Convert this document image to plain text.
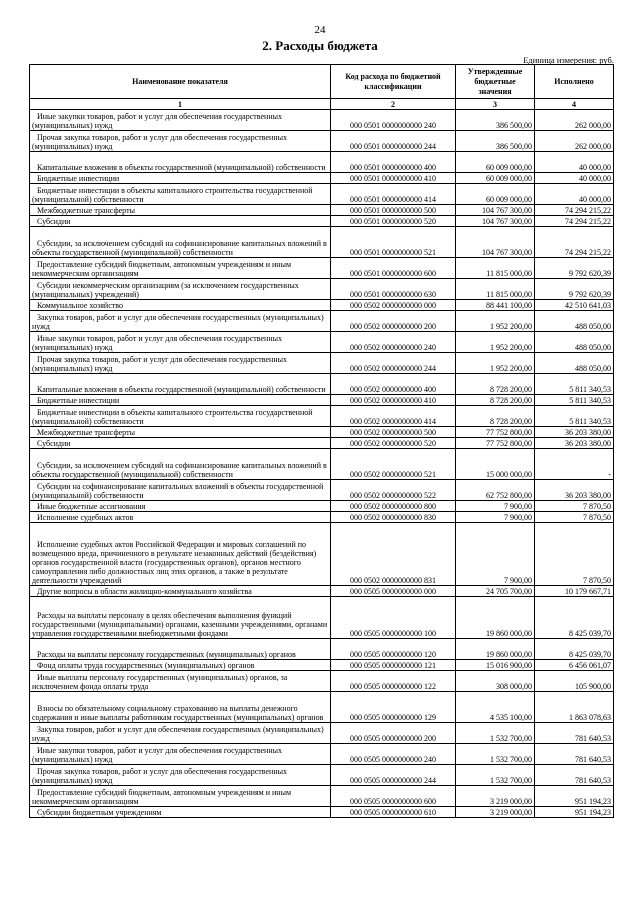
24
2. Расходы бюджета
Единица измерения: руб.
Наименование показателя	Код расхода по бюджетной классификации	Утвержденные бюджетные значения	Исполнено
1	2	3	4
Иные закупки товаров, работ и услуг для обеспечения государственных (муниципальных) нужд	000 0501 0000000000 240	386 500,00	262 000,00
Прочая закупка товаров, работ и услуг для обеспечения государственных (муниципальных) нужд	000 0501 0000000000 244	386 500,00	262 000,00
Капитальные вложения в объекты государственной (муниципальной) собственности	000 0501 0000000000 400	60 009 000,00	40 000,00
Бюджетные инвестиции	000 0501 0000000000 410	60 009 000,00	40 000,00
Бюджетные инвестиции в объекты капитального строительства государственной (муниципальной) собственности	000 0501 0000000000 414	60 009 000,00	40 000,00
Межбюджетные трансферты	000 0501 0000000000 500	104 767 300,00	74 294 215,22
Субсидии	000 0501 0000000000 520	104 767 300,00	74 294 215,22
Субсидии, за исключением субсидий на софинансирование капитальных вложений в объекты государственной (муниципальной) собственности	000 0501 0000000000 521	104 767 300,00	74 294 215,22
Предоставление субсидий бюджетным, автономным учреждениям и иным некоммерческим организациям	000 0501 0000000000 600	11 815 000,00	9 792 620,39
Субсидии некоммерческим организациям (за исключением государственных (муниципальных) учреждений)	000 0501 0000000000 630	11 815 000,00	9 792 620,39
Коммунальное хозяйство	000 0502 0000000000 000	88 441 100,00	42 510 641,03
Закупка товаров, работ и услуг для обеспечения государственных (муниципальных) нужд	000 0502 0000000000 200	1 952 200,00	488 050,00
Иные закупки товаров, работ и услуг для обеспечения государственных (муниципальных) нужд	000 0502 0000000000 240	1 952 200,00	488 050,00
Прочая закупка товаров, работ и услуг для обеспечения государственных (муниципальных) нужд	000 0502 0000000000 244	1 952 200,00	488 050,00
Капитальные вложения в объекты государственной (муниципальной) собственности	000 0502 0000000000 400	8 728 200,00	5 811 340,53
Бюджетные инвестиции	000 0502 0000000000 410	8 728 200,00	5 811 340,53
Бюджетные инвестиции в объекты капитального строительства государственной (муниципальной) собственности	000 0502 0000000000 414	8 728 200,00	5 811 340,53
Межбюджетные трансферты	000 0502 0000000000 500	77 752 800,00	36 203 380,00
Субсидии	000 0502 0000000000 520	77 752 800,00	36 203 380,00
Субсидии, за исключением субсидий на софинансирование капитальных вложений в объекты государственной (муниципальной) собственности	000 0502 0000000000 521	15 000 000,00	-
Субсидии на софинансирование капитальных вложений в объекты государственной (муниципальной) собственности	000 0502 0000000000 522	62 752 800,00	36 203 380,00
Иные бюджетные ассигнования	000 0502 0000000000 800	7 900,00	7 870,50
Исполнение судебных актов	000 0502 0000000000 830	7 900,00	7 870,50
Исполнение судебных актов Российской Федерации и мировых соглашений по возмещению вреда, причиненного в результате незаконных действий (бездействия) органов государственной власти (государственных органов), органов местного самоуправления либо должностных лиц этих органов, а также в результате деятельности учреждений	000 0502 0000000000 831	7 900,00	7 870,50
Другие вопросы в области жилищно-коммунального хозяйства	000 0505 0000000000 000	24 705 700,00	10 179 667,71
Расходы на выплаты персоналу в целях обеспечения выполнения функций государственными (муниципальными) органами, казенными учреждениями, органами управления государственными внебюджетными фондами	000 0505 0000000000 100	19 860 000,00	8 425 039,70
Расходы на выплаты персоналу государственных (муниципальных) органов	000 0505 0000000000 120	19 860 000,00	8 425 039,70
Фонд оплаты труда государственных (муниципальных) органов	000 0505 0000000000 121	15 016 900,00	6 456 061,07
Иные выплаты персоналу государственных (муниципальных) органов, за исключением фонда оплаты труда	000 0505 0000000000 122	308 000,00	105 900,00
Взносы по обязательному социальному страхованию на выплаты денежного содержания и иные выплаты работникам государственных (муниципальных) органов	000 0505 0000000000 129	4 535 100,00	1 863 078,63
Закупка товаров, работ и услуг для обеспечения государственных (муниципальных) нужд	000 0505 0000000000 200	1 532 700,00	781 640,53
Иные закупки товаров, работ и услуг для обеспечения государственных (муниципальных) нужд	000 0505 0000000000 240	1 532 700,00	781 640,53
Прочая закупка товаров, работ и услуг для обеспечения государственных (муниципальных) нужд	000 0505 0000000000 244	1 532 700,00	781 640,53
Предоставление субсидий бюджетным, автономным учреждениям и иным некоммерческим организациям	000 0505 0000000000 600	3 219 000,00	951 194,23
Субсидии бюджетным учреждениям	000 0505 0000000000 610	3 219 000,00	951 194,23
